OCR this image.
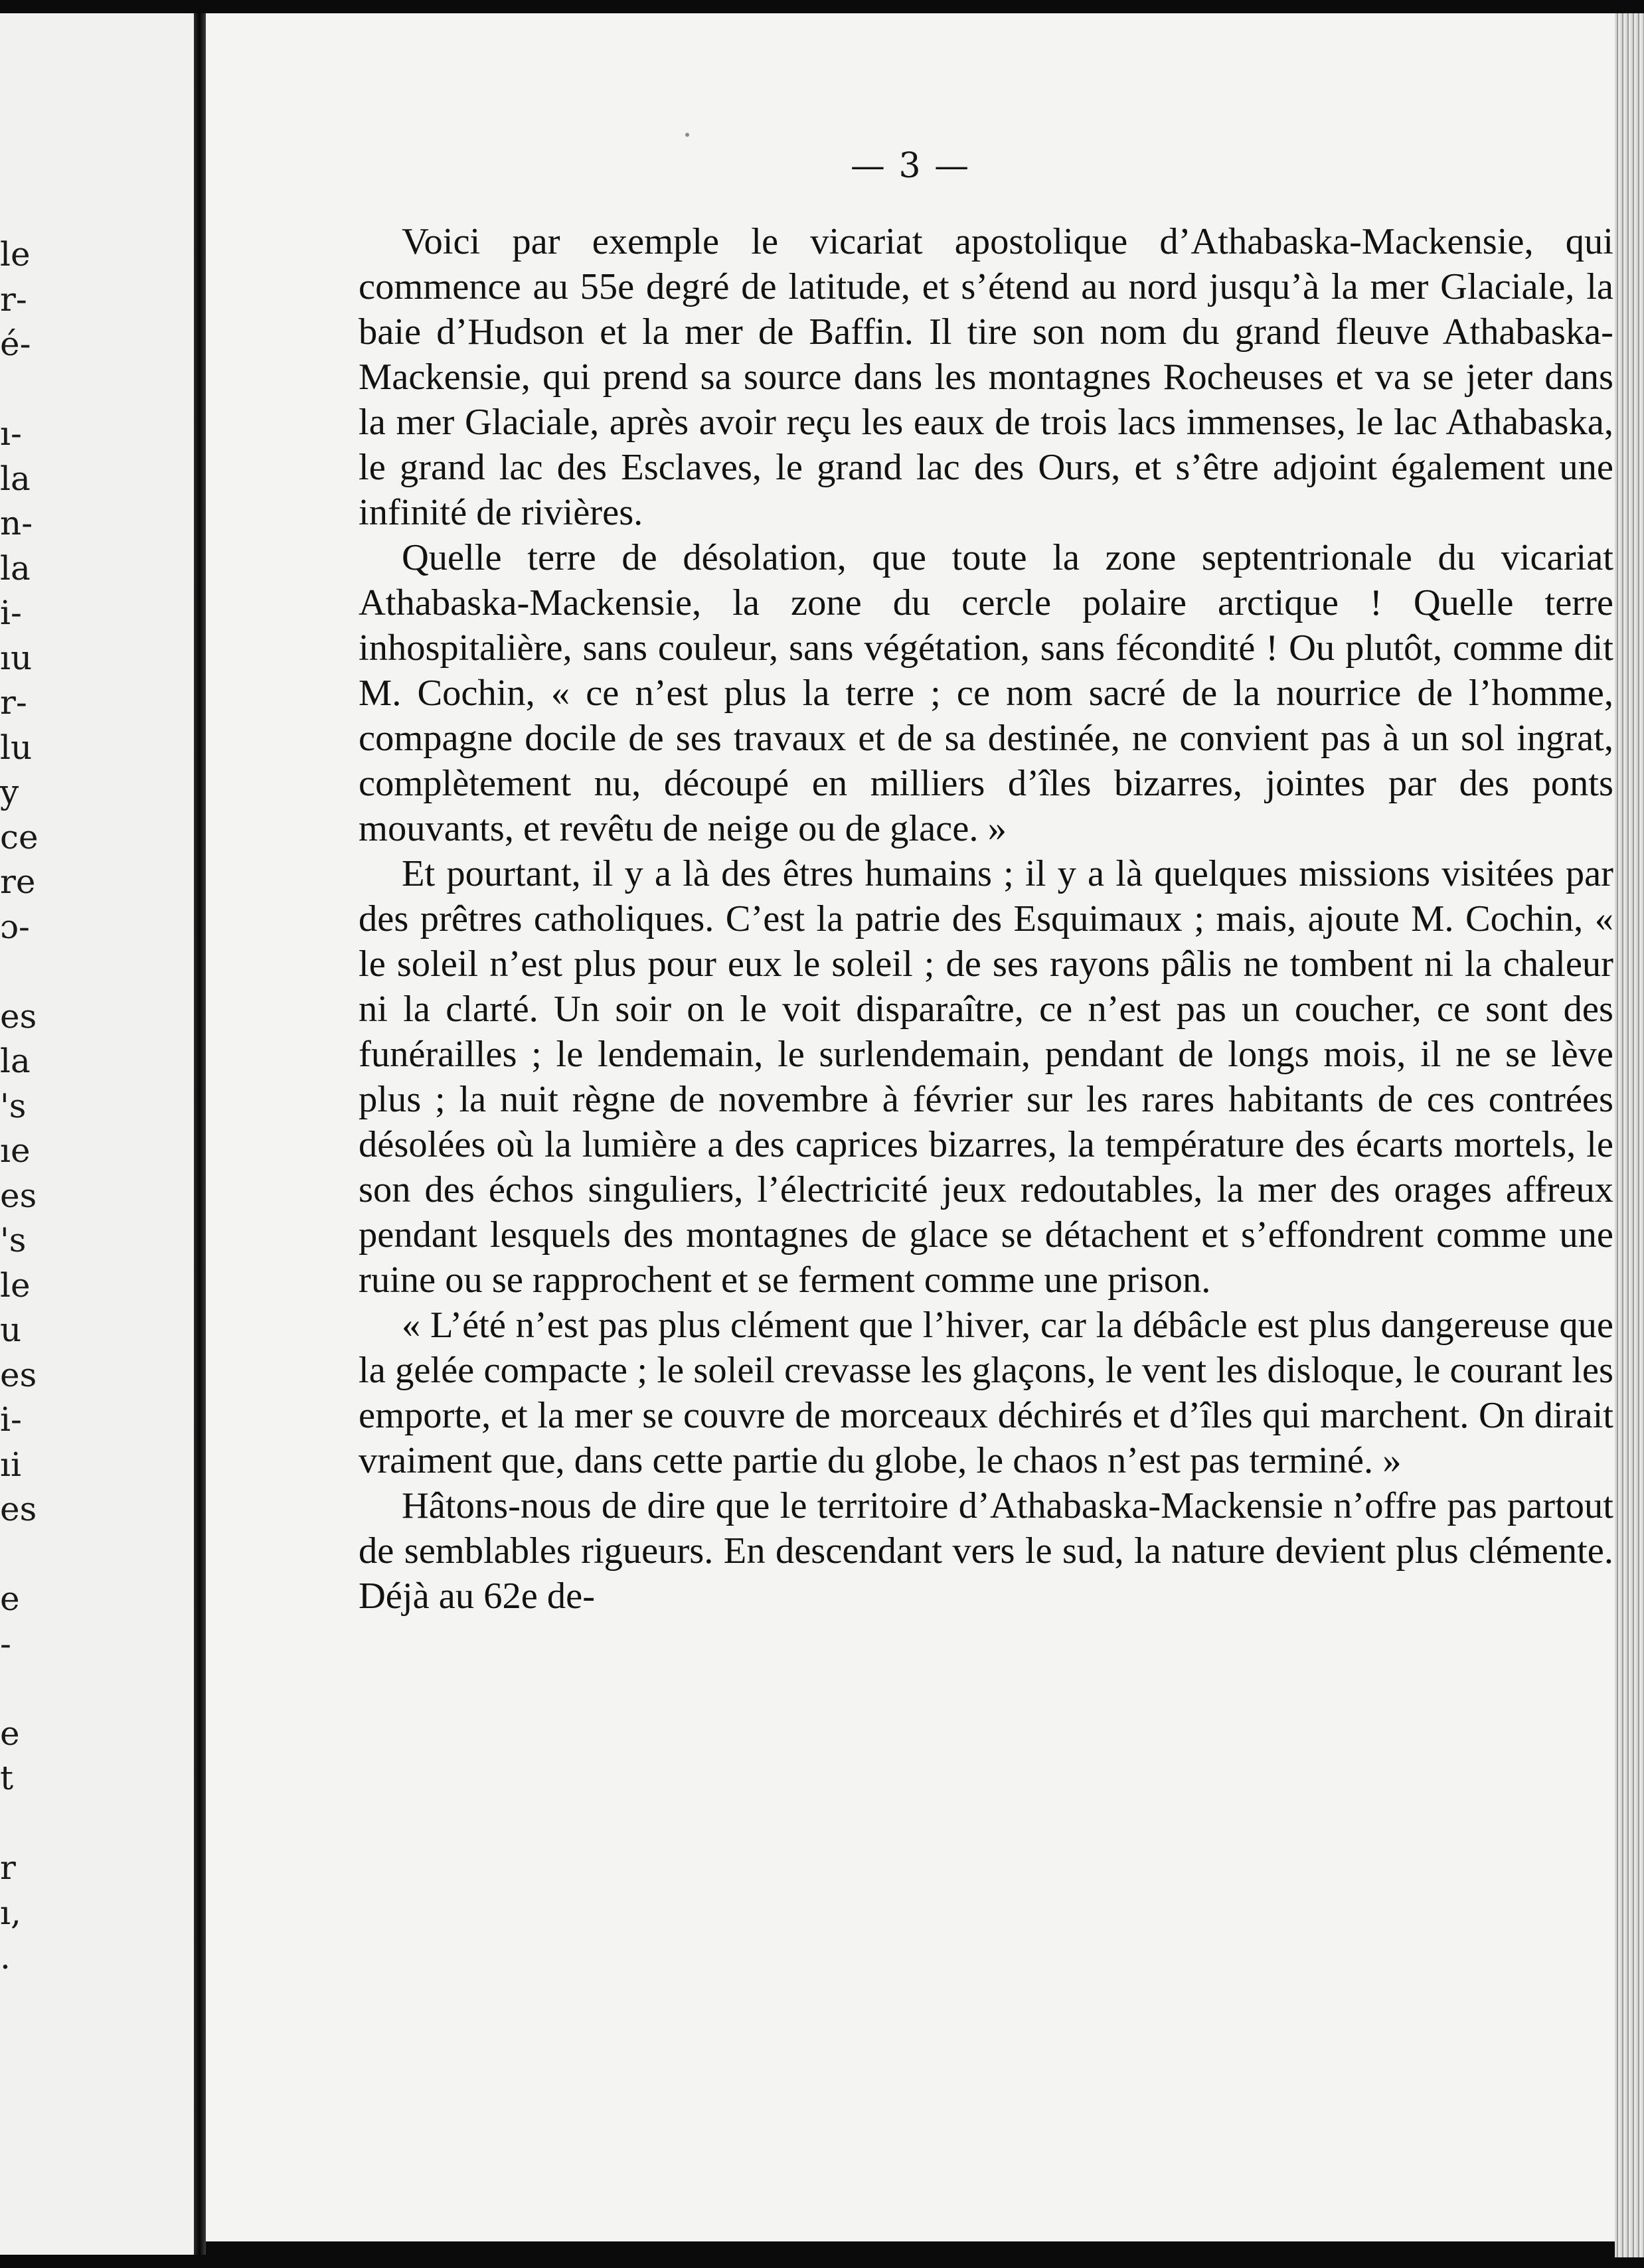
le
r-
é-
ı-
la
n-
la
i-
ıu
r-
lu
y
ce
re
ɔ-
es
la
's
ıe
es
's
le
u
es
i-
ıi
es
e
-
e
t
r
ı,
.
— 3 —

Voici par exemple le vicariat apostolique d’Athabaska-Mackensie, qui commence au 55e degré de latitude, et s’étend au nord jusqu’à la mer Glaciale, la baie d’Hudson et la mer de Baffin. Il tire son nom du grand fleuve Athabaska-Mackensie, qui prend sa source dans les montagnes Rocheuses et va se jeter dans la mer Glaciale, après avoir reçu les eaux de trois lacs immenses, le lac Athabaska, le grand lac des Esclaves, le grand lac des Ours, et s’être adjoint également une infinité de rivières.

Quelle terre de désolation, que toute la zone septentrionale du vicariat Athabaska-Mackensie, la zone du cercle polaire arctique ! Quelle terre inhospitalière, sans couleur, sans végétation, sans fécondité ! Ou plutôt, comme dit M. Cochin, « ce n’est plus la terre ; ce nom sacré de la nourrice de l’homme, compagne docile de ses travaux et de sa destinée, ne convient pas à un sol ingrat, complètement nu, découpé en milliers d’îles bizarres, jointes par des ponts mouvants, et revêtu de neige ou de glace. »

Et pourtant, il y a là des êtres humains ; il y a là quelques missions visitées par des prêtres catholiques. C’est la patrie des Esquimaux ; mais, ajoute M. Cochin, « le soleil n’est plus pour eux le soleil ; de ses rayons pâlis ne tombent ni la chaleur ni la clarté. Un soir on le voit disparaître, ce n’est pas un coucher, ce sont des funérailles ; le lendemain, le surlendemain, pendant de longs mois, il ne se lève plus ; la nuit règne de novembre à février sur les rares habitants de ces contrées désolées où la lumière a des caprices bizarres, la température des écarts mortels, le son des échos singuliers, l’électricité jeux redoutables, la mer des orages affreux pendant lesquels des montagnes de glace se détachent et s’effondrent comme une ruine ou se rapprochent et se ferment comme une prison.

« L’été n’est pas plus clément que l’hiver, car la débâcle est plus dangereuse que la gelée compacte ; le soleil crevasse les glaçons, le vent les disloque, le courant les emporte, et la mer se couvre de morceaux déchirés et d’îles qui marchent. On dirait vraiment que, dans cette partie du globe, le chaos n’est pas terminé. »

Hâtons-nous de dire que le territoire d’Athabaska-Mackensie n’offre pas partout de semblables rigueurs. En descendant vers le sud, la nature devient plus clémente. Déjà au 62e de-
